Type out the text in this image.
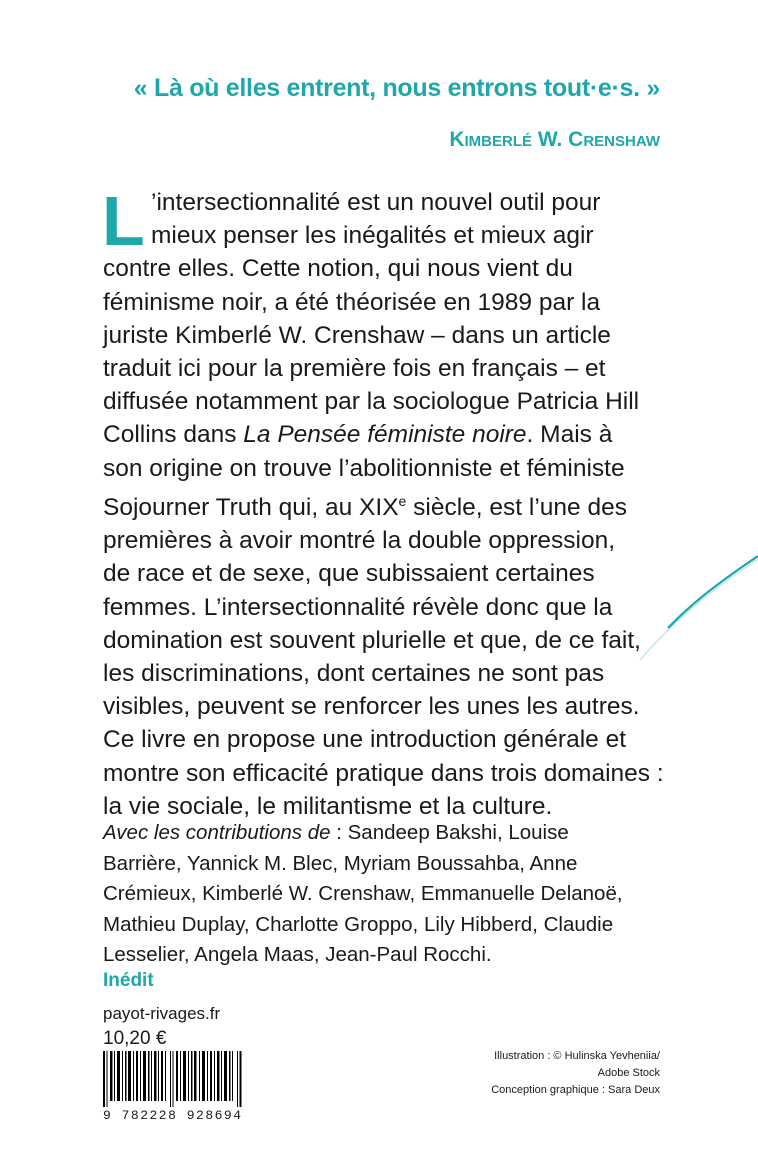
« Là où elles entrent, nous entrons tout·e·s. »
KIMBERLÉ W. CRENSHAW
L ’intersectionnalité est un nouvel outil pour
mieux penser les inégalités et mieux agir
contre elles. Cette notion, qui nous vient du
féminisme noir, a été théorisée en 1989 par la
juriste Kimberlé W. Crenshaw – dans un article
traduit ici pour la première fois en français – et
diffusée notamment par la sociologue Patricia Hill
Collins dans La Pensée féministe noire. Mais à
son origine on trouve l’abolitionniste et féministe
Sojourner Truth qui, au XIXe siècle, est l’une des
premières à avoir montré la double oppression,
de race et de sexe, que subissaient certaines
femmes. L’intersectionnalité révèle donc que la
domination est souvent plurielle et que, de ce fait,
les discriminations, dont certaines ne sont pas
visibles, peuvent se renforcer les unes les autres.
Ce livre en propose une introduction générale et
montre son efficacité pratique dans trois domaines :
la vie sociale, le militantisme et la culture.
Avec les contributions de : Sandeep Bakshi, Louise
Barrière, Yannick M. Blec, Myriam Boussahba, Anne
Crémieux, Kimberlé W. Crenshaw, Emmanuelle Delanoë,
Mathieu Duplay, Charlotte Groppo, Lily Hibberd, Claudie
Lesselier, Angela Maas, Jean-Paul Rocchi.
Inédit
payot-rivages.fr
10,20 €
9 782228 928694
Illustration : © Hulinska Yevheniia/
Adobe Stock
Conception graphique : Sara Deux
